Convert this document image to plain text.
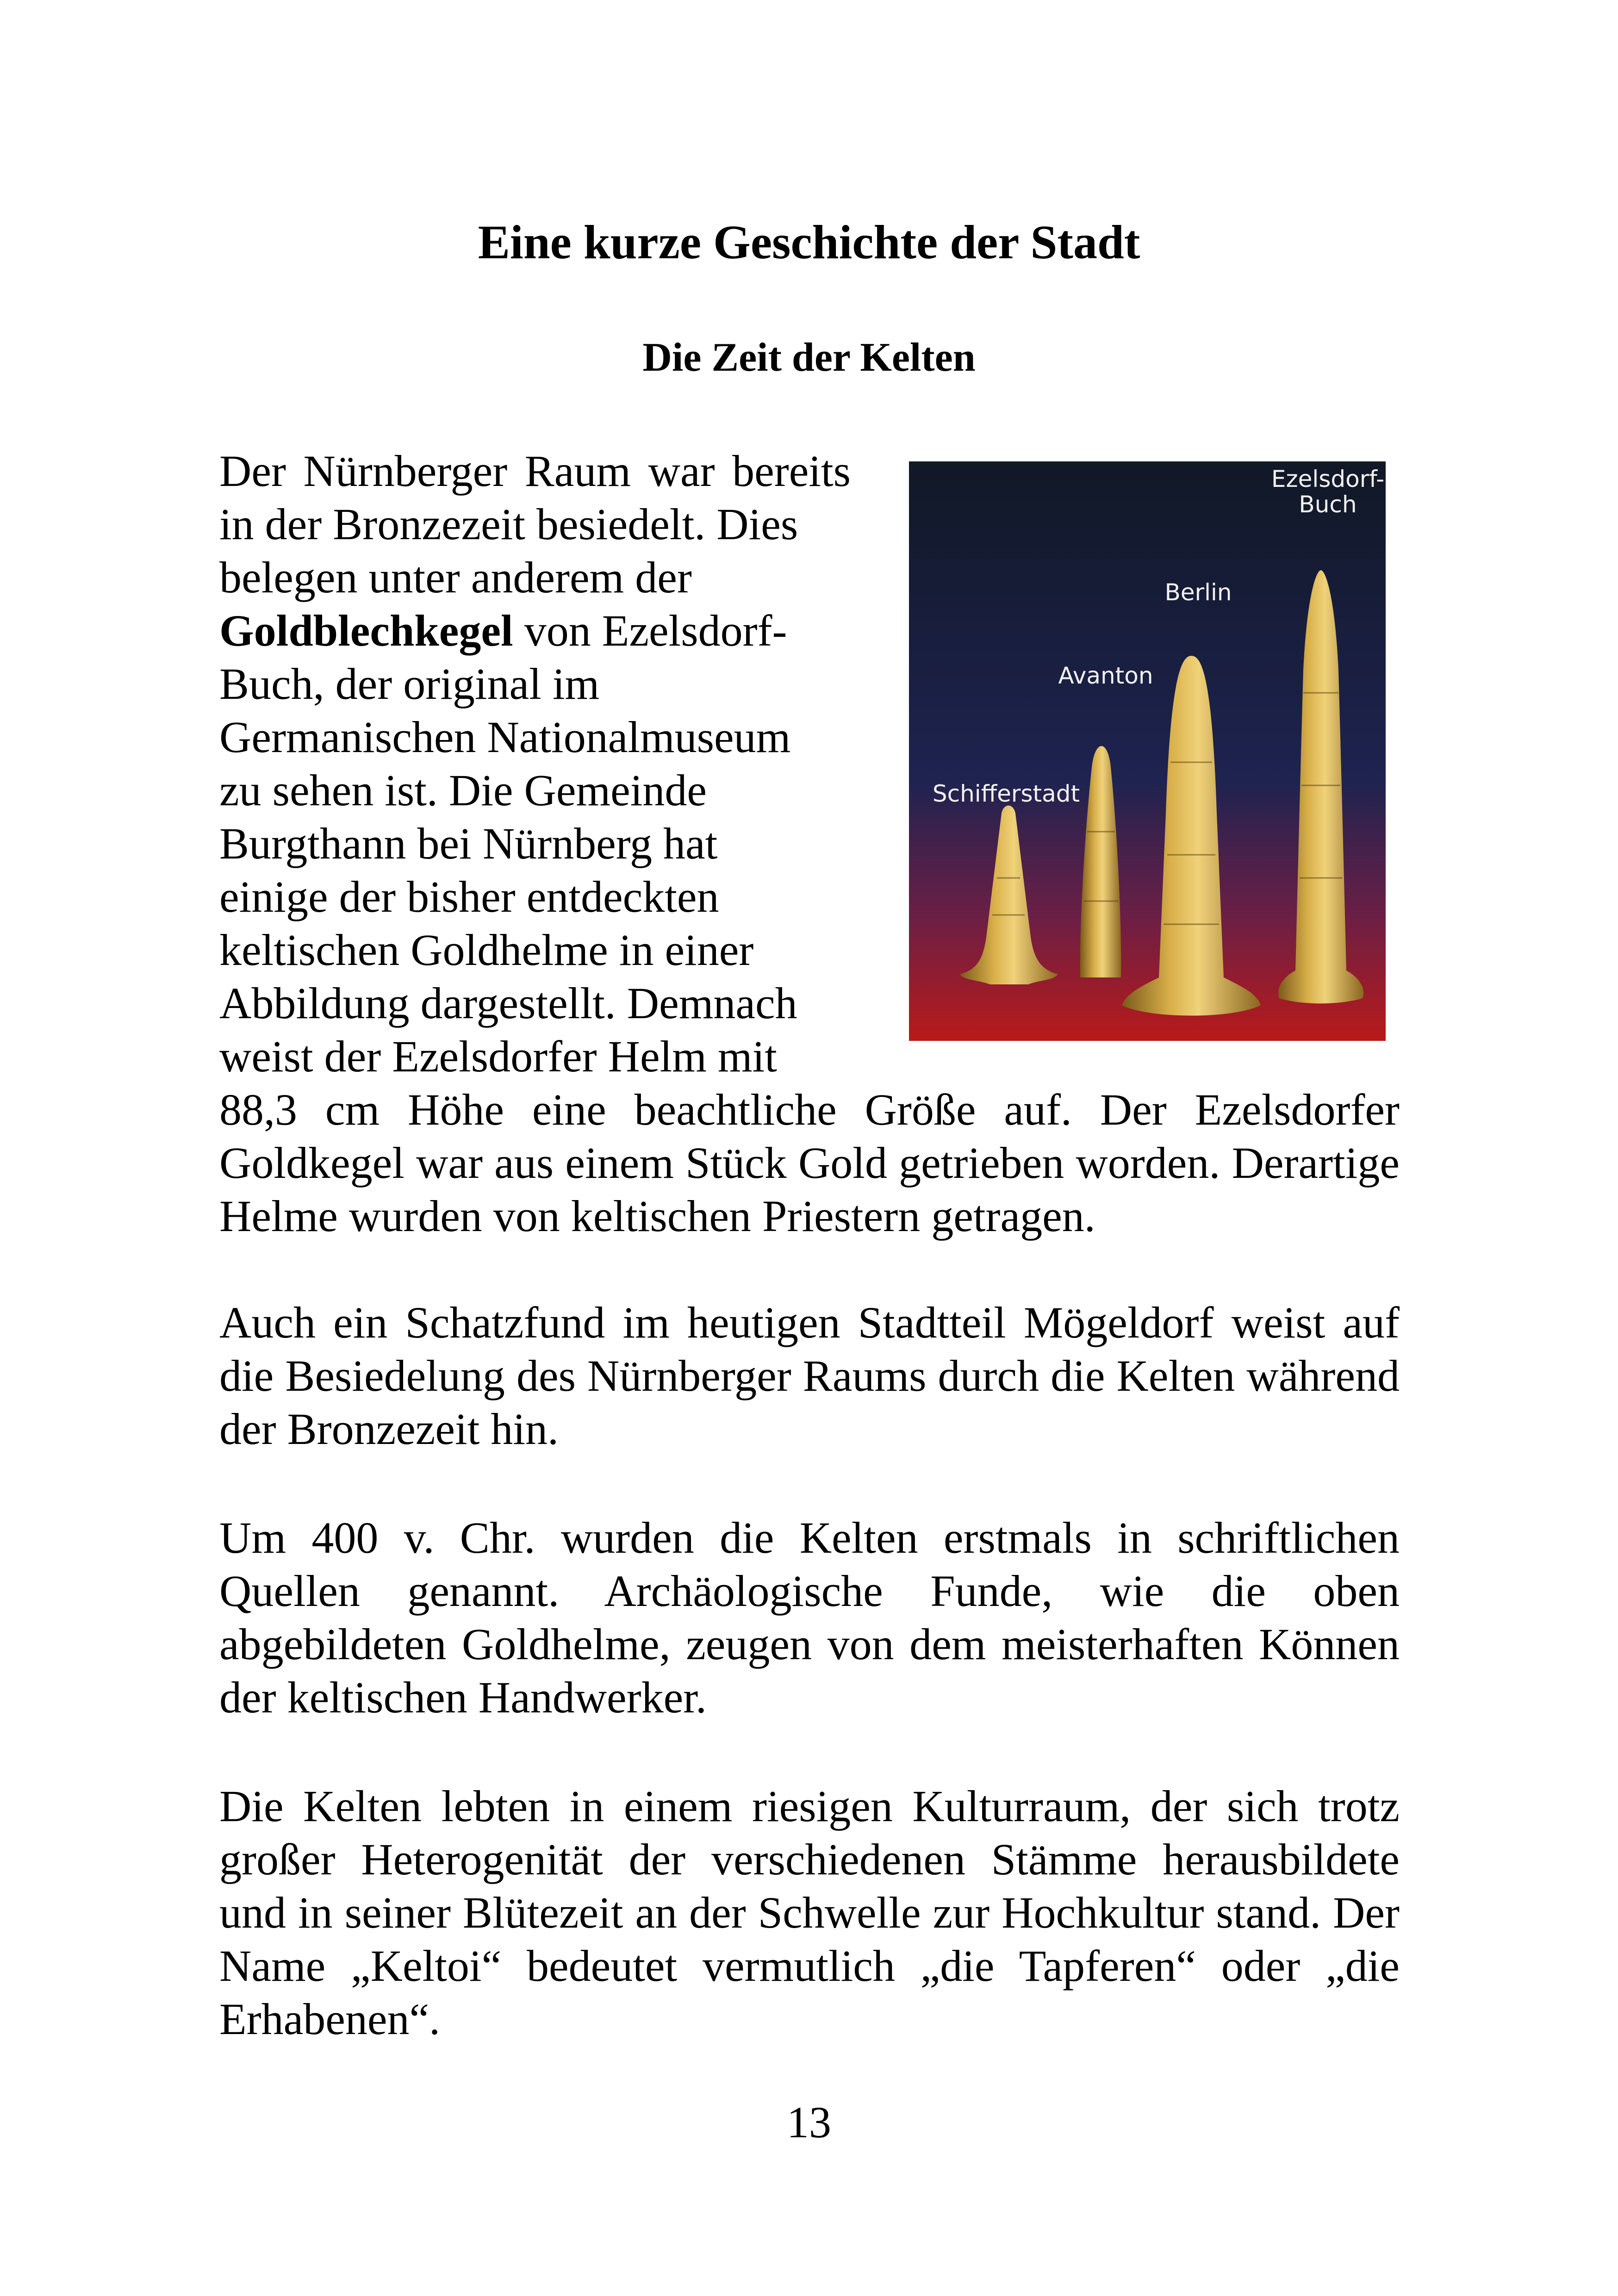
Eine kurze Geschichte der Stadt
Die Zeit der Kelten
Der Nürnberger Raum war bereits
in der Bronzezeit besiedelt. Dies
belegen unter anderem der
Goldblechkegel von Ezelsdorf-
Buch, der original im
Germanischen Nationalmuseum
zu sehen ist. Die Gemeinde
Burgthann bei Nürnberg hat
einige der bisher entdeckten
keltischen Goldhelme in einer
Abbildung dargestellt. Demnach
weist der Ezelsdorfer Helm mit

88,3 cm Höhe eine beachtliche Größe auf. Der Ezelsdorfer Goldkegel war aus einem Stück Gold getrieben worden. Derartige Helme wurden von keltischen Priestern getragen.

Ezelsdorf-
Buch
Berlin
Avanton
Schifferstadt

Auch ein Schatzfund im heutigen Stadtteil Mögeldorf weist auf die Besiedelung des Nürnberger Raums durch die Kelten während der Bronzezeit hin.

Um 400 v. Chr. wurden die Kelten erstmals in schriftlichen Quellen genannt. Archäologische Funde, wie die oben abgebildeten Goldhelme, zeugen von dem meisterhaften Können der keltischen Handwerker.

Die Kelten lebten in einem riesigen Kulturraum, der sich trotz großer Heterogenität der verschiedenen Stämme herausbildete und in seiner Blütezeit an der Schwelle zur Hochkultur stand. Der Name „Keltoi“ bedeutet vermutlich „die Tapferen“ oder „die Erhabenen“.

13
